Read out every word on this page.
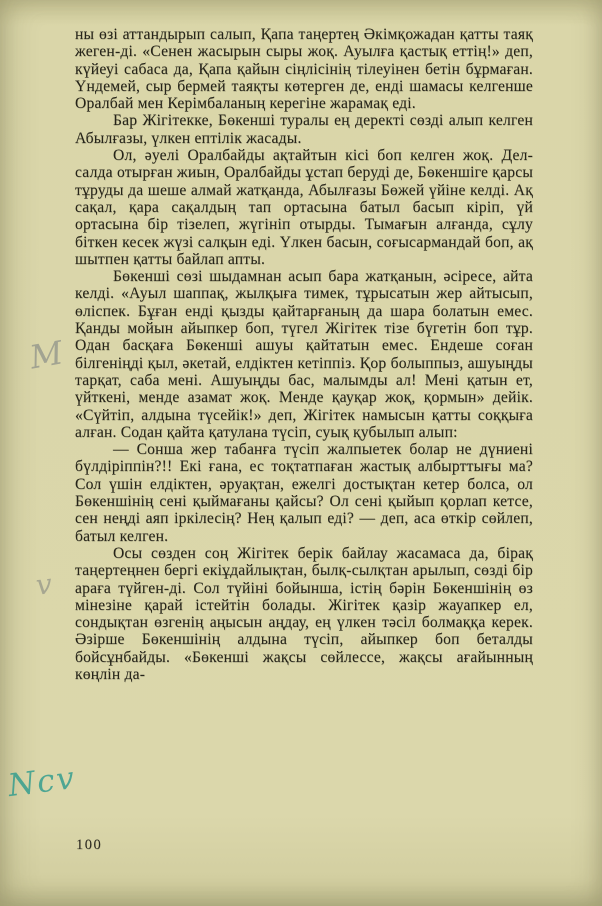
ны өзі аттандырып салып, Қапа таңертең Әкімқожадан қатты таяқ жеген-ді. «Сенен жасырын сыры жоқ. Ауылға қастық еттің!» деп, күйеуі сабаса да, Қапа қайын сіңлісінің тілеуінен бетін бұрмаған. Үндемей, сыр бермей таяқты көтерген де, енді шамасы келгенше Оралбай мен Керімбаланың керегіне жарамақ еді.

Бар Жігітекке, Бөкенші туралы ең деректі сөзді алып келген Абылғазы, үлкен ептілік жасады.

Ол, әуелі Оралбайды ақтайтын кісі боп келген жоқ. Дел-салда отырған жиын, Оралбайды ұстап беруді де, Бөкеншіге қарсы тұруды да шеше алмай жатқанда, Абылғазы Бөжей үйіне келді. Ақ сақал, қара сақалдың тап ортасына батыл басып кіріп, үй ортасына бір тізелеп, жүгініп отырды. Тымағын алғанда, сұлу біткен кесек жүзі салқын еді. Үлкен басын, соғысармандай боп, ақ шытпен қатты байлап апты.

Бөкенші сөзі шыдамнан асып бара жатқанын, әсіресе, айта келді. «Ауыл шаппақ, жылқыға тимек, тұрысатын жер айтысып, өліспек. Бұған енді қызды қайтарғаның да шара болатын емес. Қанды мойын айыпкер боп, түгел Жігітек тізе бүгетін боп тұр. Одан басқаға Бөкенші ашуы қайтатын емес. Ендеше соған білгеніңді қыл, әкетай, елдіктен кетіппіз. Қор болыппыз, ашуыңды тарқат, саба мені. Ашуыңды бас, малымды ал! Мені қатын ет, үйткені, менде азамат жоқ. Менде қауқар жоқ, қормын» дейік. «Сүйтіп, алдына түсейік!» деп, Жігітек намысын қатты соққыға алған. Содан қайта қатулана түсіп, суық қубылып алып:

— Сонша жер табанға түсіп жалпыетек болар не дүниені бүлдіріппін?!! Екі ғана, ес тоқтатпаған жастық албырттығы ма? Сол үшін елдіктен, әруақтан, ежелгі достықтан кетер болса, ол Бөкеншінің сені қыймағаны қайсы? Ол сені қыйып қорлап кетсе, сен неңді аяп іркілесің? Нең қалып еді? — деп, аса өткір сөйлеп, батыл келген.

Осы сөзден соң Жігітек берік байлау жасамаса да, бірақ таңертеңнен бергі екіұдайлықтан, былқ-сылқтан арылып, сөзді бір араға түйген-ді. Сол түйіні бойынша, істің бәрін Бөкеншінің өз мінезіне қарай істейтін болады. Жігітек қазір жауапкер ел, сондықтан өзгенің аңысын аңдау, ең үлкен тәсіл болмаққа керек. Әзірше Бөкеншінің алдына түсіп, айыпкер боп беталды бойсұнбайды. «Бөкенші жақсы сөйлессе, жақсы ағайынның көңлін да-

100
M
v
Ncv
